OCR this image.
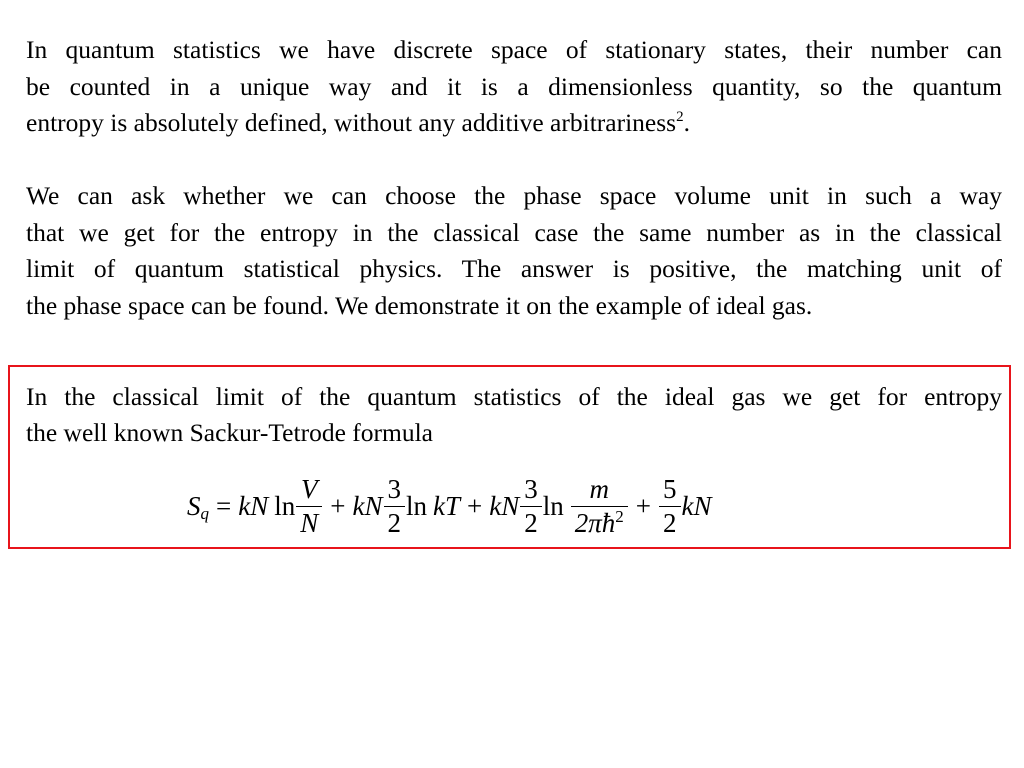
In quantum statistics we have discrete space of stationary states, their number can
be counted in a unique way and it is a dimensionless quantity, so the quantum
entropy is absolutely defined, without any additive arbitrariness$^2$.
We can ask whether we can choose the phase space volume unit in such a way
that we get for the entropy in the classical case the same number as in the classical
limit of quantum statistical physics. The answer is positive, the matching unit of
the phase space can be found. We demonstrate it on the example of ideal gas.
In the classical limit of the quantum statistics of the ideal gas we get for entropy
the well known Sackur-Tetrode formula
S q = kN $\ln \frac{V}{N}$ + kN $\frac{3}{2}$ ln kT + kN $\frac{3}{2}$ $\ln \frac{m}{2\pi ħ^2} + \frac{5}{2}$ kN
